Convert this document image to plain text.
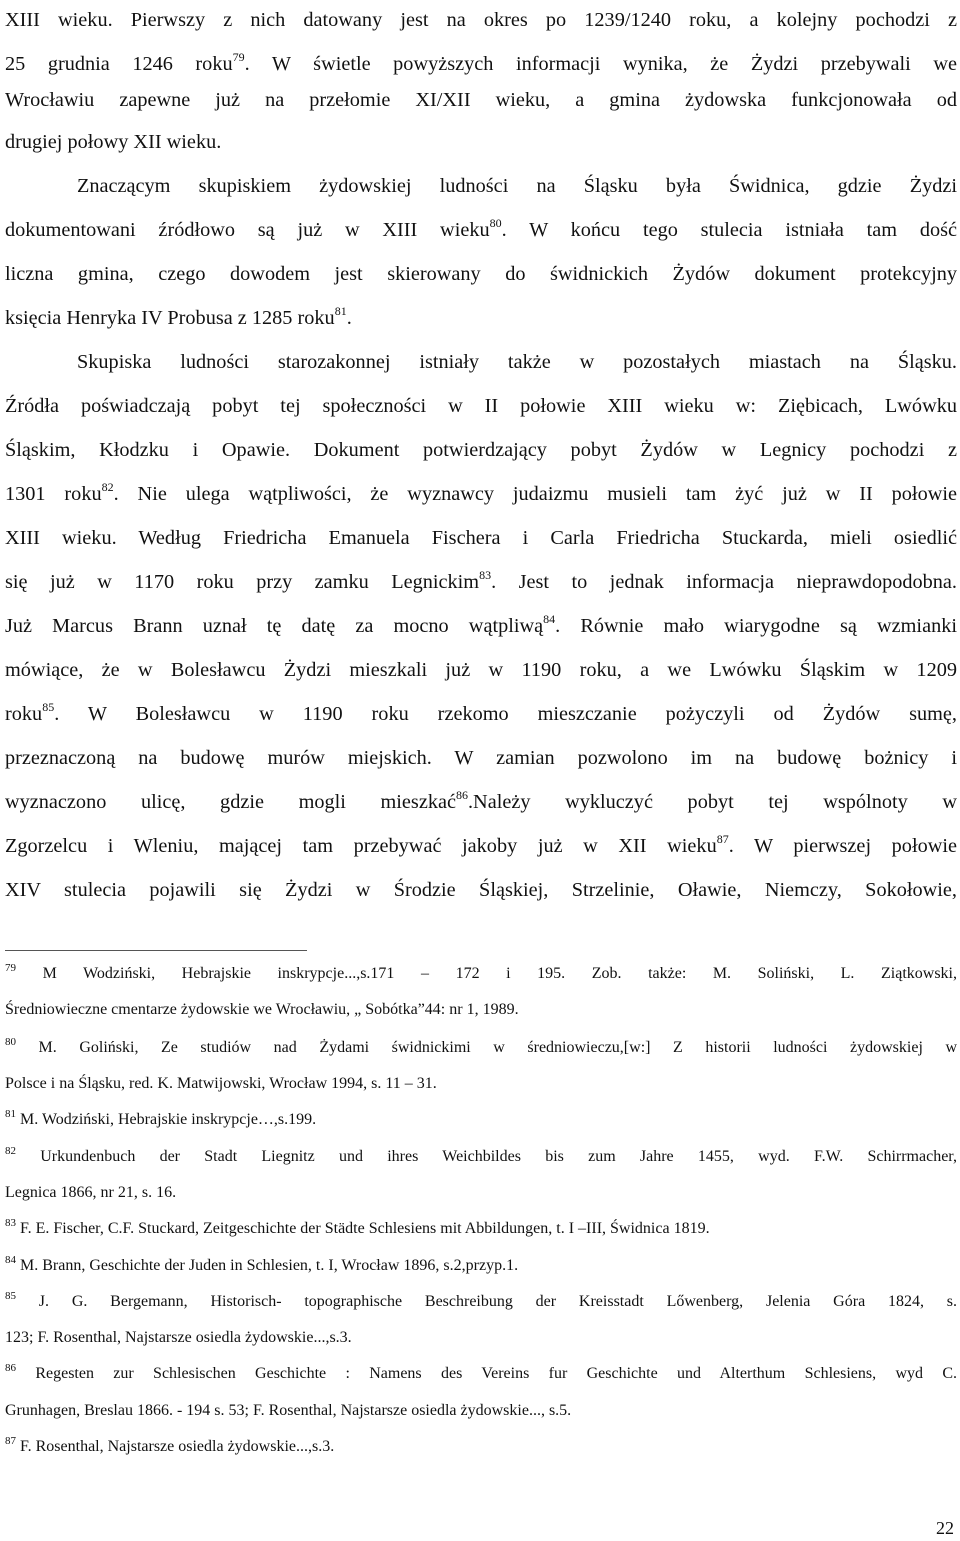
XIII wieku. Pierwszy z nich datowany jest na okres po 1239/1240 roku, a kolejny pochodzi z
25 grudnia 1246 roku$^{79}$. W świetle powyższych informacji wynika, że Żydzi przebywali we
Wrocławiu zapewne już na przełomie XI/XII wieku, a gmina żydowska funkcjonowała od
drugiej połowy XII wieku.
Znaczącym skupiskiem żydowskiej ludności na Śląsku była Świdnica, gdzie Żydzi
dokumentowani źródłowo są już w XIII wieku$^{80}$. W końcu tego stulecia istniała tam dość
liczna gmina, czego dowodem jest skierowany do świdnickich Żydów dokument protekcyjny
księcia Henryka IV Probusa z 1285 roku$^{81}$.
Skupiska ludności starozakonnej istniały także w pozostałych miastach na Śląsku.
Źródła poświadczają pobyt tej społeczności w II połowie XIII wieku w: Ziębicach, Lwówku
Śląskim, Kłodzku i Opawie. Dokument potwierdzający pobyt Żydów w Legnicy pochodzi z
1301 roku$^{82}$. Nie ulega wątpliwości, że wyznawcy judaizmu musieli tam żyć już w II połowie
XIII wieku. Według Friedricha Emanuela Fischera i Carla Friedricha Stuckarda, mieli osiedlić
się już w 1170 roku przy zamku Legnickim$^{83}$. Jest to jednak informacja nieprawdopodobna.
Już Marcus Brann uznał tę datę za mocno wątpliwą$^{84}$. Równie mało wiarygodne są wzmianki
mówiące, że w Bolesławcu Żydzi mieszkali już w 1190 roku, a we Lwówku Śląskim w 1209
roku$^{85}$. W Bolesławcu w 1190 roku rzekomo mieszczanie pożyczyli od Żydów sumę,
przeznaczoną na budowę murów miejskich. W zamian pozwolono im na budowę bożnicy i
wyznaczono ulicę, gdzie mogli mieszkać$^{86}$.Należy wykluczyć pobyt tej wspólnoty w
Zgorzelcu i Wleniu, mającej tam przebywać jakoby już w XII wieku$^{87}$. W pierwszej połowie
XIV stulecia pojawili się Żydzi w Środzie Śląskiej, Strzelinie, Oławie, Niemczy, Sokołowie,
$^{79}$ M Wodziński, Hebrajskie inskrypcje...,s.171 – 172 i 195. Zob. także: M. Soliński, L. Ziątkowski,
Średniowieczne cmentarze żydowskie we Wrocławiu, „ Sobótka”44: nr 1, 1989.
$^{80}$ M. Goliński, Ze studiów nad Żydami świdnickimi w średniowieczu,[w:] Z historii ludności żydowskiej w
Polsce i na Śląsku, red. K. Matwijowski, Wrocław 1994, s. 11 – 31.
$^{81}$ M. Wodziński, Hebrajskie inskrypcje…,s.199.
$^{82}$ Urkundenbuch der Stadt Liegnitz und ihres Weichbildes bis zum Jahre 1455, wyd. F.W. Schirrmacher,
Legnica 1866, nr 21, s. 16.
$^{83}$ F. E. Fischer, C.F. Stuckard, Zeitgeschichte der Städte Schlesiens mit Abbildungen, t. I –III, Świdnica 1819.
$^{84}$ M. Brann, Geschichte der Juden in Schlesien, t. I, Wrocław 1896, s.2,przyp.1.
$^{85}$ J. G. Bergemann, Historisch- topographische Beschreibung der Kreisstadt Lőwenberg, Jelenia Góra 1824, s.
123; F. Rosenthal, Najstarsze osiedla żydowskie...,s.3.
$^{86}$ Regesten zur Schlesischen Geschichte : Namens des Vereins fur Geschichte und Alterthum Schlesiens, wyd C.
Grunhagen, Breslau 1866. - 194 s. 53; F. Rosenthal, Najstarsze osiedla żydowskie..., s.5.
$^{87}$ F. Rosenthal, Najstarsze osiedla żydowskie...,s.3.
22
